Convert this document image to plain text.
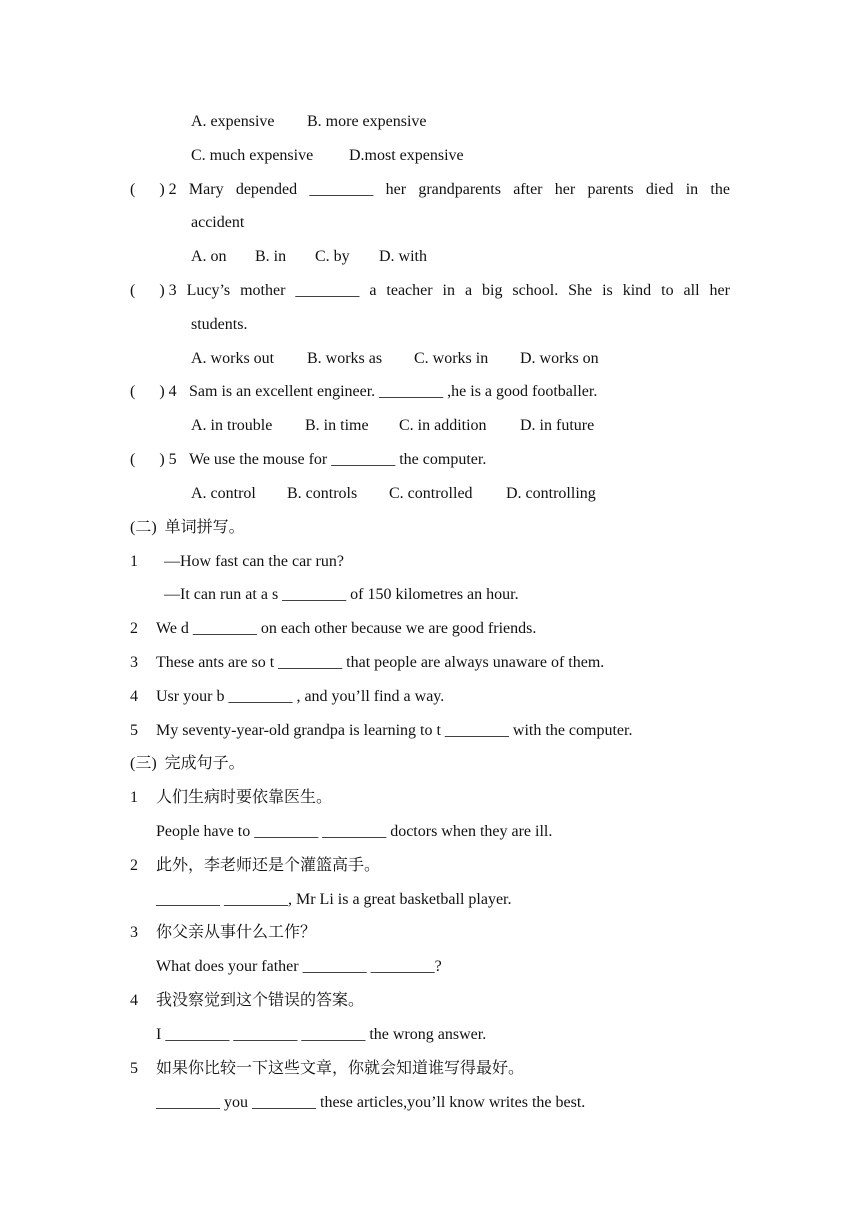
A. expensive B. more expensive
C. much expensive D.most expensive
(      ) 2 Mary depended ________ her grandparents after her parents died in the
accident
A. on B. in C. by D. with
(      ) 3 Lucy’s mother ________ a teacher in a big school. She is kind to all her
students.
A. works out B. works as C. works in D. works on
(      ) 4 Sam is an excellent engineer. ________ ,he is a good footballer.
A. in trouble B. in time C. in addition D. in future
(      ) 5 We use the mouse for ________ the computer.
A. control B. controls C. controlled D. controlling
(二)  单词拼写。
1 —How fast can the car run?
—It can run at a s ________ of 150 kilometres an hour.
2 We d ________ on each other because we are good friends.
3 These ants are so t ________ that people are always unaware of them.
4 Usr your b ________ , and you’ll find a way.
5 My seventy-year-old grandpa is learning to t ________ with the computer.
(三)  完成句子。
1 人们生病时要依靠医生。
People have to ________ ________ doctors when they are ill.
2 此外，李老师还是个灌篮高手。
________ ________, Mr Li is a great basketball player.
3 你父亲从事什么工作？
What does your father ________ ________?
4 我没察觉到这个错误的答案。
I ________ ________ ________ the wrong answer.
5 如果你比较一下这些文章，你就会知道谁写得最好。
________ you ________ these articles,you’ll know writes the best.
